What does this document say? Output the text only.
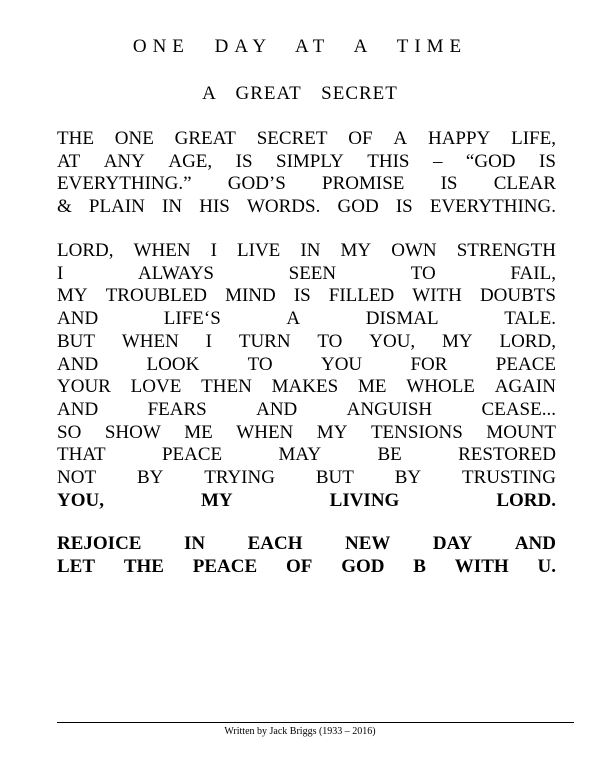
ONE DAY AT A TIME
A GREAT SECRET
THE ONE GREAT SECRET OF A HAPPY LIFE,
AT ANY AGE, IS SIMPLY THIS – “GOD IS
EVERYTHING.” GOD’S PROMISE IS CLEAR
& PLAIN IN HIS WORDS. GOD IS EVERYTHING.
LORD, WHEN I LIVE IN MY OWN STRENGTH
I	ALWAYS	SEEN	TO	FAIL,
MY TROUBLED MIND IS FILLED WITH DOUBTS
AND	LIFE‘S	A	DISMAL	TALE.
BUT WHEN I TURN TO YOU, MY LORD,
AND	LOOK	TO	YOU	FOR	PEACE
YOUR LOVE THEN MAKES ME WHOLE AGAIN
AND	FEARS	AND	ANGUISH	CEASE...
SO SHOW ME WHEN MY TENSIONS MOUNT
THAT	PEACE	MAY	BE	RESTORED
NOT BY TRYING BUT BY TRUSTING
YOU,	MY	LIVING	LORD.
REJOICE IN EACH NEW DAY AND
LET THE PEACE OF GOD B WITH U.
Written by Jack Briggs (1933 – 2016)
